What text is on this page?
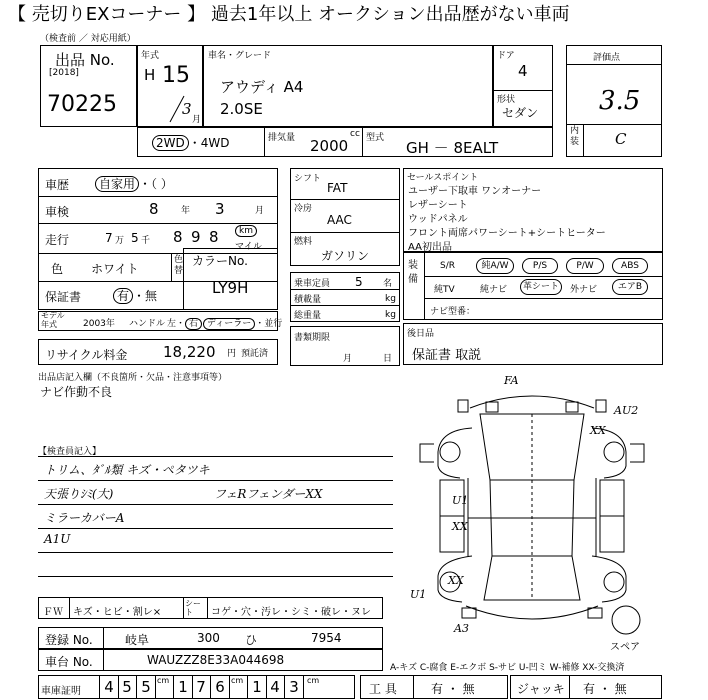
【 売切りEXコーナー 】 過去1年以上 オークション出品歴がない車両
（検査前 ／ 対応用紙）
出品 No.
[2018]
70225
年式
H 15
3
月
車名・グレード
アウディ A4
2.0SE
ドア
4
形状
セダン
評価点
3.5
内装 C
2WD ・4WD	排気量 2000
cc 型式
GH － 8EALT
車歴	自家用 ・（ ）
車検	8 年 3	月
走行	7 万 5 千 8 9 8	km
マイル
色 ホワイト
色替
保証書	有 ・無
カラーNo.
LY9H
モデル年式	2003年 ハンドル 左・ 右 ディーラー ・並行
リサイクル料金 18,220 円 預託済
シフト
FAT
冷房
AAC
燃料
ガソリン
乗車定員 5 名
積載量	kg
総重量	kg
書類期限
月	日
セールスポイント
ユーザー下取車 ワンオーナー
レザーシート
ウッドパネル
フロント両席パワーシート+シートヒーター
AA初出品
装備
S/R	純A/W	P/S	P/W	ABS
純TV	純ナビ	革シート	外ナビ	エアB
ナビ型番：
後日品
保証書 取説
出品店記入欄（不良箇所・欠品・注意事項等）
ナビ作動不良
【検査員記入】
トリム、ﾀﾞﾙ類 キズ・ペタツキ
天張りｼﾐ(大)	フェRフェンダーXX
ミラーカバーA
A1U
FA
AU2
XX
U1
XX
XX
U1
A3
スペア
ＦＷ キズ・ヒビ・割レ×
シート	コゲ・穴・汚レ・シミ・破レ・ヌレ
登録 No.	岐阜	300 ひ	7954
車台 No.	WAUZZZ8E33A044698
A-キズ C-腐食 E-エクボ S-サビ U-凹ミ W-補修 XX-交換済
車庫証明	4 5 5 cm 1 7 6 cm 1 4 3	cm
工 具	有 ・ 無	ジャッキ 有 ・ 無
